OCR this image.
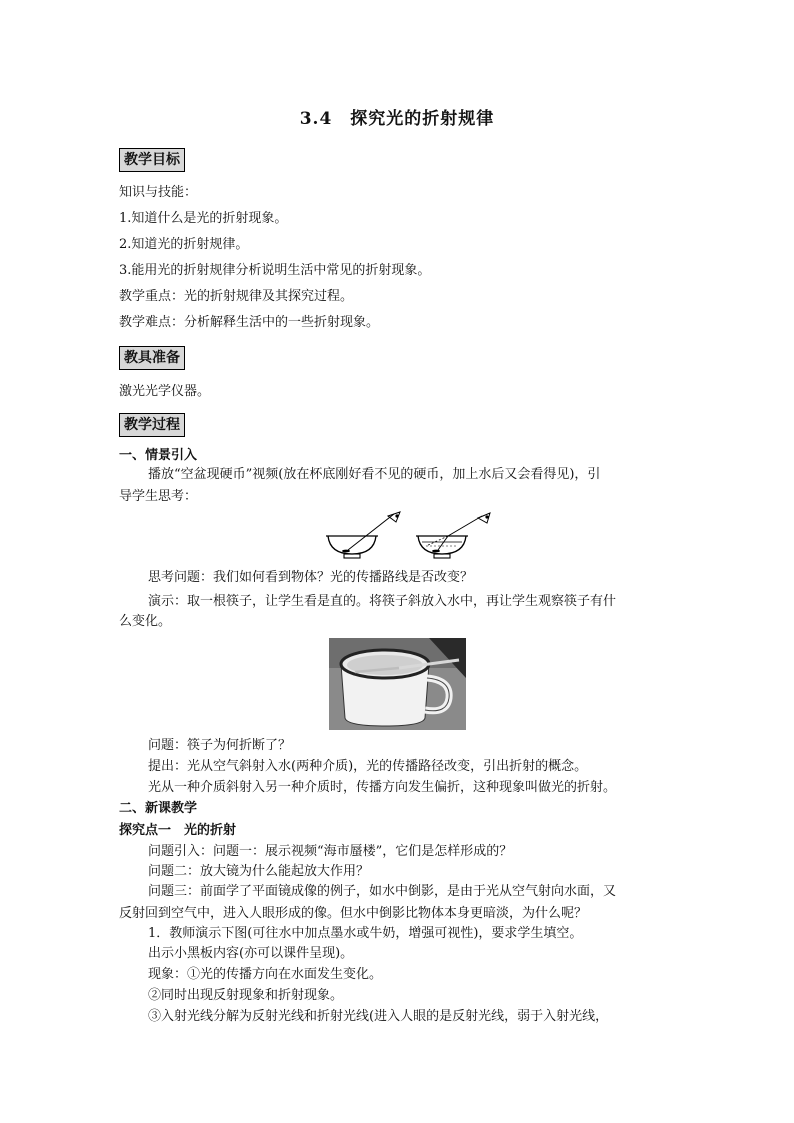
3.4　探究光的折射规律
教学目标
知识与技能：
1.知道什么是光的折射现象。
2.知道光的折射规律。
3.能用光的折射规律分析说明生活中常见的折射现象。
教学重点：光的折射规律及其探究过程。
教学难点：分析解释生活中的一些折射现象。
教具准备
激光光学仪器。
教学过程
一、情景引入
播放“空盆现硬币”视频(放在杯底刚好看不见的硬币，加上水后又会看得见)，引
导学生思考：
思考问题：我们如何看到物体？光的传播路线是否改变？
演示：取一根筷子，让学生看是直的。将筷子斜放入水中，再让学生观察筷子有什
么变化。
问题：筷子为何折断了？
提出：光从空气斜射入水(两种介质)，光的传播路径改变，引出折射的概念。
光从一种介质斜射入另一种介质时，传播方向发生偏折，这种现象叫做光的折射。
二、新课教学
探究点一　光的折射
问题引入：问题一：展示视频“海市蜃楼”，它们是怎样形成的？
问题二：放大镜为什么能起放大作用？
问题三：前面学了平面镜成像的例子，如水中倒影，是由于光从空气射向水面，又
反射回到空气中，进入人眼形成的像。但水中倒影比物体本身更暗淡，为什么呢？
1．教师演示下图(可往水中加点墨水或牛奶，增强可视性)，要求学生填空。
出示小黑板内容(亦可以课件呈现)。
现象：①光的传播方向在水面发生变化。
②同时出现反射现象和折射现象。
③入射光线分解为反射光线和折射光线(进入人眼的是反射光线，弱于入射光线，
